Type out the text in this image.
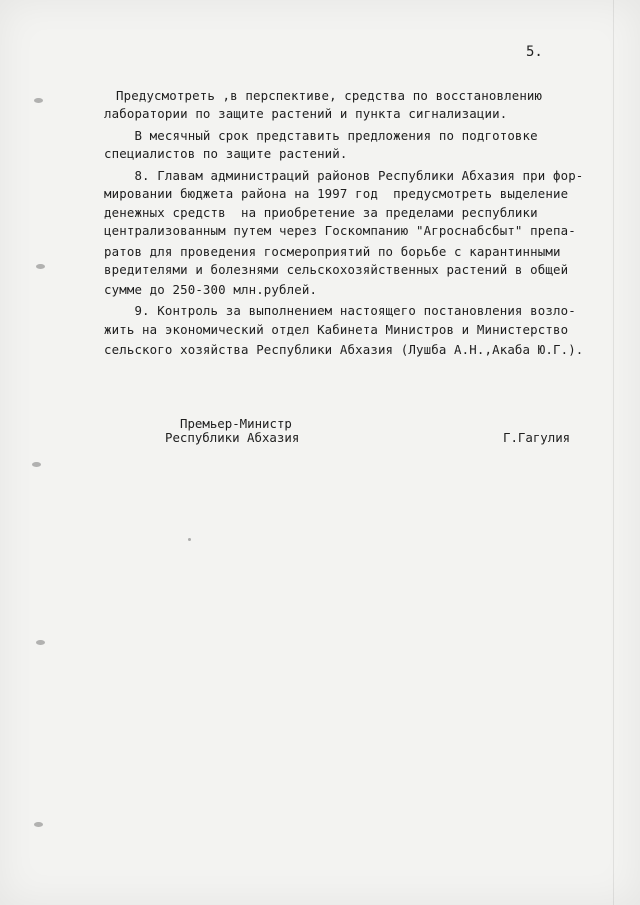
5.
Предусмотреть ,в перспективе, средства по восстановлению
лаборатории по защите растений и пункта сигнализации.
В месячный срок представить предложения по подготовке
специалистов по защите растений.
8. Главам администраций районов Республики Абхазия при фор-
мировании бюджета района на 1997 год  предусмотреть выделение
денежных средств  на приобретение за пределами республики
централизованным путем через Госкомпанию "Агроснабсбыт" препа-
ратов для проведения госмероприятий по борьбе с карантинными
вредителями и болезнями сельскохозяйственных растений в общей
сумме до 250-300 млн.рублей.
9. Контроль за выполнением настоящего постановления возло-
жить на экономический отдел Кабинета Министров и Министерство
сельского хозяйства Республики Абхазия (Лушба А.Н.,Акаба Ю.Г.).
Премьер-Министр
Республики Абхазия	Г.Гагулия
